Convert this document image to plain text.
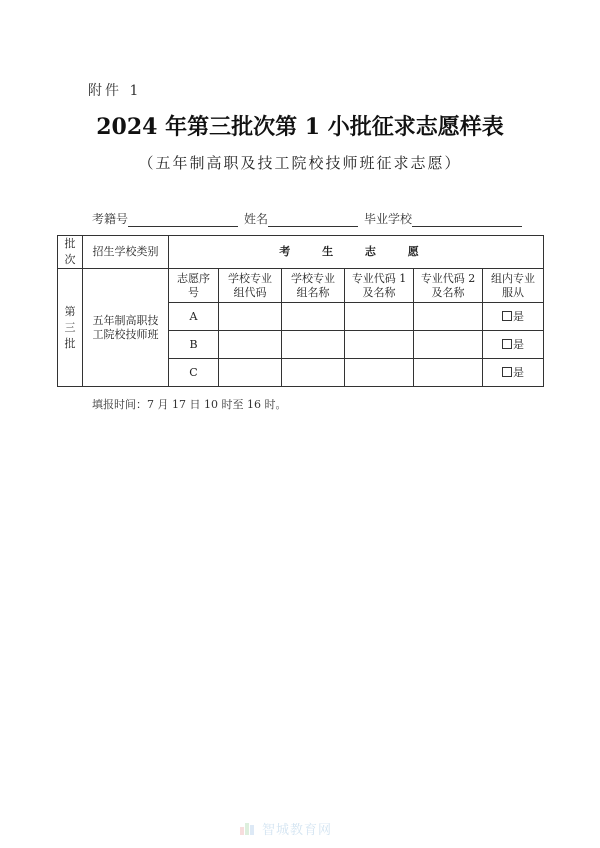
附件 1
2024 年第三批次第 1 小批征求志愿样表
（五年制高职及技工院校技师班征求志愿）
考籍号	姓名	毕业学校
批次	招生学校类别	考 生 志 愿					

第三批	五年制高职技工院校技师班	志愿序号	学校专业组代码	学校专业组名称	专业代码 1 及名称	专业代码 2 及名称	组内专业服从
		A					是
		B					是
		C					是
填报时间：7 月 17 日 10 时至 16 时。
智城教育网
